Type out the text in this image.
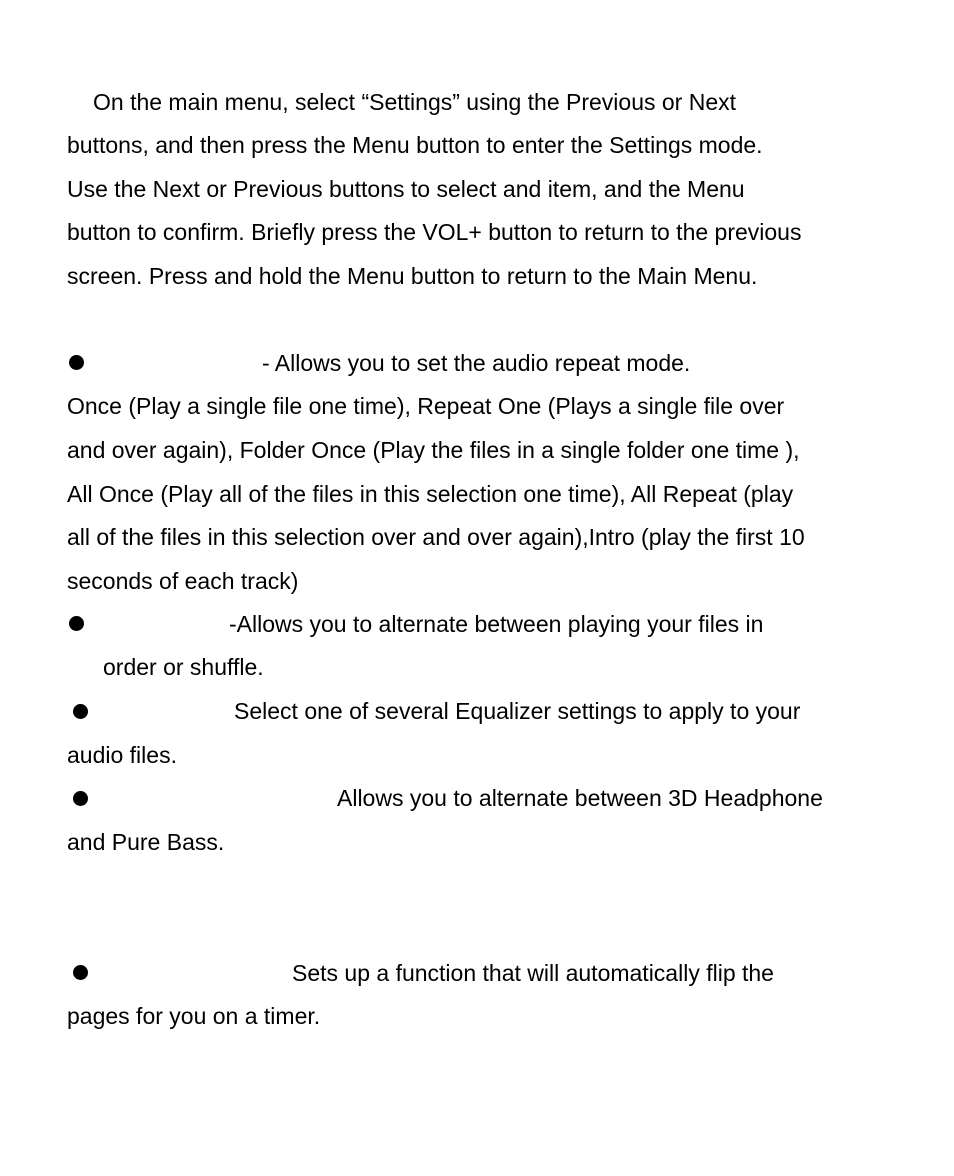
On the main menu, select “Settings” using the Previous or Next
buttons, and then press the Menu button to enter the Settings mode.
Use the Next or Previous buttons to select and item, and the Menu
button to confirm. Briefly press the VOL+ button to return to the previous
screen. Press and hold the Menu button to return to the Main Menu.
- Allows you to set the audio repeat mode.
Once (Play a single file one time), Repeat One (Plays a single file over
and over again), Folder Once (Play the files in a single folder one time ),
All Once (Play all of the files in this selection one time), All Repeat (play
all of the files in this selection over and over again),Intro (play the first 10
seconds of each track)
-Allows you to alternate between playing your files in
order or shuffle.
Select one of several Equalizer settings to apply to your
audio files.
Allows you to alternate between 3D Headphone
and Pure Bass.
Sets up a function that will automatically flip the
pages for you on a timer.
